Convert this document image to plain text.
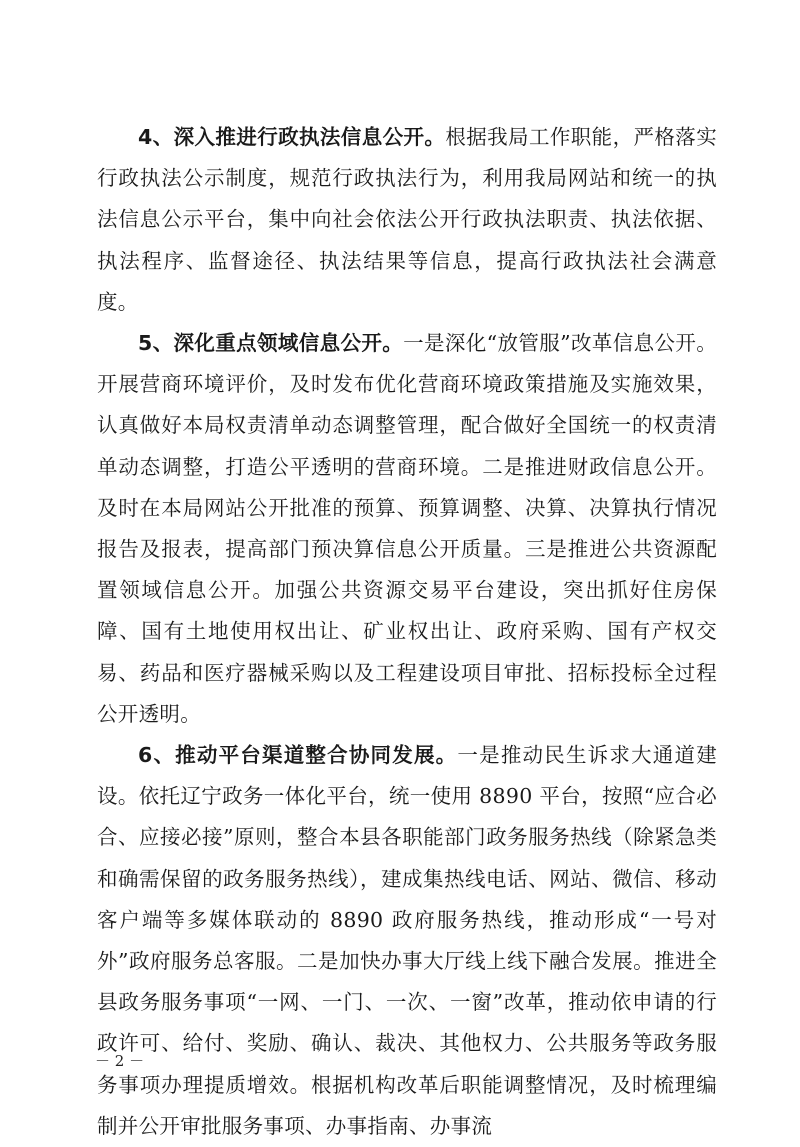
4、深入推进行政执法信息公开。根据我局工作职能，严格落实行政执法公示制度，规范行政执法行为，利用我局网站和统一的执法信息公示平台，集中向社会依法公开行政执法职责、执法依据、执法程序、监督途径、执法结果等信息，提高行政执法社会满意度。

5、深化重点领域信息公开。一是深化“放管服”改革信息公开。开展营商环境评价，及时发布优化营商环境政策措施及实施效果，认真做好本局权责清单动态调整管理，配合做好全国统一的权责清单动态调整，打造公平透明的营商环境。二是推进财政信息公开。及时在本局网站公开批准的预算、预算调整、决算、决算执行情况报告及报表，提高部门预决算信息公开质量。三是推进公共资源配置领域信息公开。加强公共资源交易平台建设，突出抓好住房保障、国有土地使用权出让、矿业权出让、政府采购、国有产权交易、药品和医疗器械采购以及工程建设项目审批、招标投标全过程公开透明。

6、推动平台渠道整合协同发展。一是推动民生诉求大通道建设。依托辽宁政务一体化平台，统一使用 8890 平台，按照“应合必合、应接必接”原则，整合本县各职能部门政务服务热线（除紧急类和确需保留的政务服务热线），建成集热线电话、网站、微信、移动客户端等多媒体联动的 8890 政府服务热线，推动形成“一号对外”政府服务总客服。二是加快办事大厅线上线下融合发展。推进全县政务服务事项“一网、一门、一次、一窗”改革，推动依申请的行政许可、给付、奖励、确认、裁决、其他权力、公共服务等政务服务事项办理提质增效。根据机构改革后职能调整情况，及时梳理编制并公开审批服务事项、办事指南、办事流

－ 2 －
